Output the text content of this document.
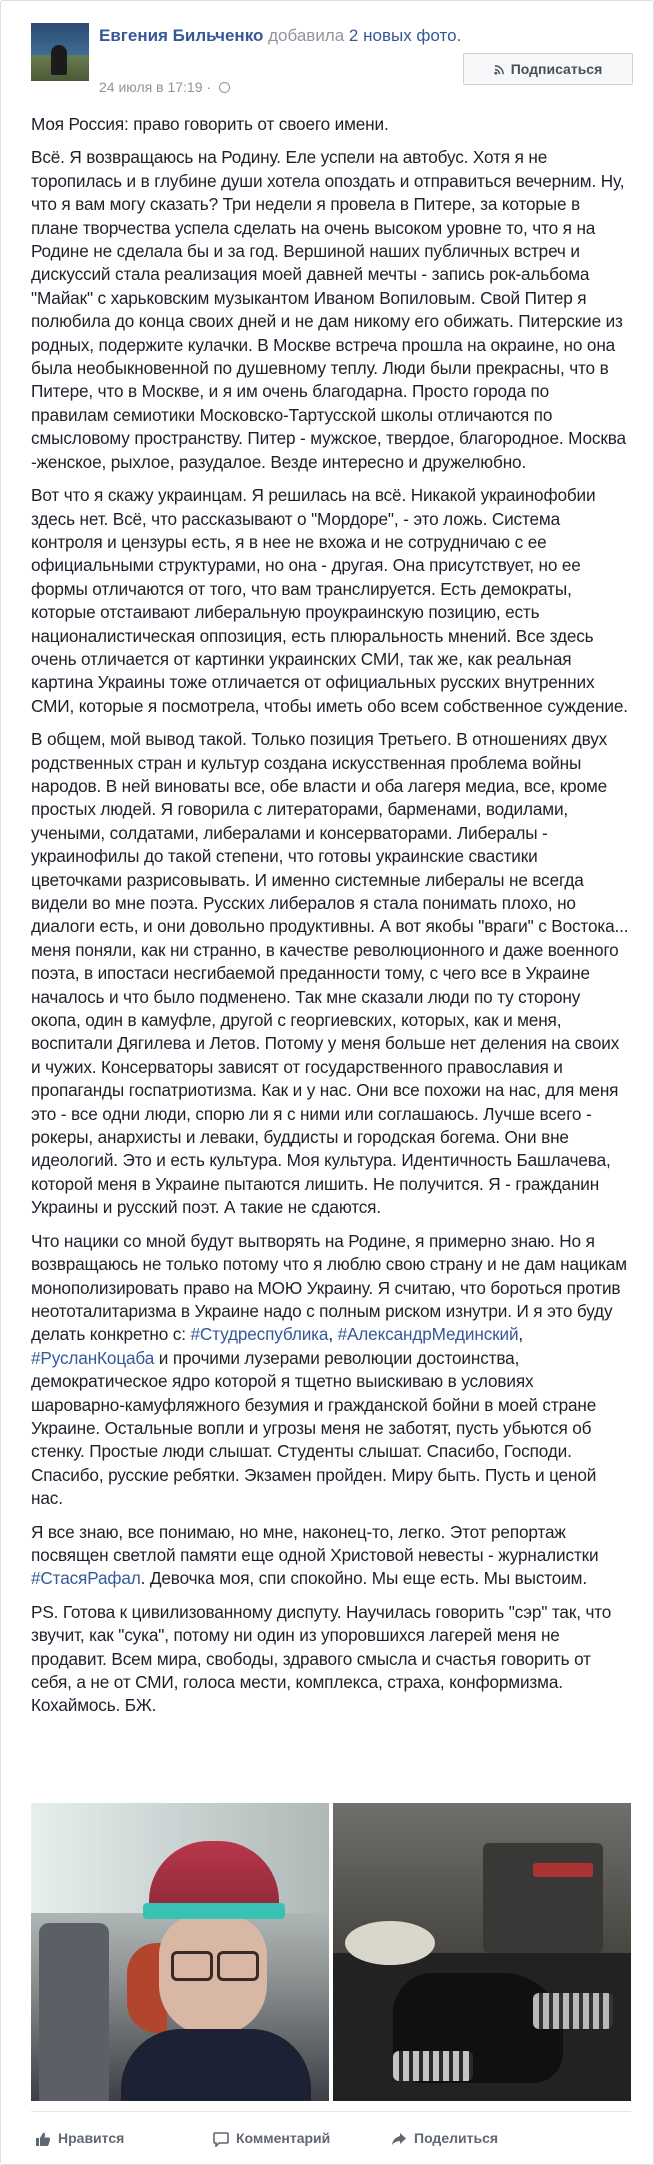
Евгения Бильченко добавила 2 новых фото.
24 июля в 17:19 ·
Подписаться

Моя Россия: право говорить от своего имени.

Всё. Я возвращаюсь на Родину. Еле успели на автобус. Хотя я не торопилась и в глубине души хотела опоздать и отправиться вечерним. Ну, что я вам могу сказать? Три недели я провела в Питере, за которые в плане творчества успела сделать на очень высоком уровне то, что я на Родине не сделала бы и за год. Вершиной наших публичных встреч и дискуссий стала реализация моей давней мечты - запись рок-альбома "Майак" с харьковским музыкантом Иваном Вопиловым. Свой Питер я полюбила до конца своих дней и не дам никому его обижать. Питерские из родных, подержите кулачки. В Москве встреча прошла на окраине, но она была необыкновенной по душевному теплу. Люди были прекрасны, что в Питере, что в Москве, и я им очень благодарна. Просто города по правилам семиотики Московско-Тартусской школы отличаются по смысловому пространству. Питер - мужское, твердое, благородное. Москва -женское, рыхлое, разудалое. Везде интересно и дружелюбно.

Вот что я скажу украинцам. Я решилась на всё. Никакой украинофобии здесь нет. Всё, что рассказывают о "Мордоре", - это ложь. Система контроля и цензуры есть, я в нее не вхожа и не сотрудничаю с ее официальными структурами, но она - другая. Она присутствует, но ее формы отличаются от того, что вам транслируется. Есть демократы, которые отстаивают либеральную проукраинскую позицию, есть националистическая оппозиция, есть плюральность мнений. Все здесь очень отличается от картинки украинских СМИ, так же, как реальная картина Украины тоже отличается от официальных русских внутренних СМИ, которые я посмотрела, чтобы иметь обо всем собственное суждение.

В общем, мой вывод такой. Только позиция Третьего. В отношениях двух родственных стран и культур создана искусственная проблема войны народов. В ней виноваты все, обе власти и оба лагеря медиа, все, кроме простых людей. Я говорила с литераторами, барменами, водилами, учеными, солдатами, либералами и консерваторами. Либералы - украинофилы до такой степени, что готовы украинские свастики цветочками разрисовывать. И именно системные либералы не всегда видели во мне поэта. Русских либералов я стала понимать плохо, но диалоги есть, и они довольно продуктивны. А вот якобы "враги" с Востока... меня поняли, как ни странно, в качестве революционного и даже военного поэта, в ипостаси несгибаемой преданности тому, с чего все в Украине началось и что было подменено. Так мне сказали люди по ту сторону окопа, один в камуфле, другой с георгиевских, которых, как и меня, воспитали Дягилева и Летов. Потому у меня больше нет деления на своих и чужих. Консерваторы зависят от государственного православия и пропаганды госпатриотизма. Как и у нас. Они все похожи на нас, для меня это - все одни люди, спорю ли я с ними или соглашаюсь. Лучше всего - рокеры, анархисты и леваки, буддисты и городская богема. Они вне идеологий. Это и есть культура. Моя культура. Идентичность Башлачева, которой меня в Украине пытаются лишить. Не получится. Я - гражданин Украины и русский поэт. А такие не сдаются.

Что нацики со мной будут вытворять на Родине, я примерно знаю. Но я возвращаюсь не только потому что я люблю свою страну и не дам нацикам монополизировать право на МОЮ Украину. Я считаю, что бороться против неототалитаризма в Украине надо с полным риском изнутри. И я это буду делать конкретно с: #Студреспублика, #АлександрМединский, #РусланКоцаба и прочими лузерами революции достоинства, демократическое ядро которой я тщетно выискиваю в условиях шароварно-камуфляжного безумия и гражданской бойни в моей стране Украине. Остальные вопли и угрозы меня не заботят, пусть убьются об стенку. Простые люди слышат. Студенты слышат. Спасибо, Господи. Спасибо, русские ребятки. Экзамен пройден. Миру быть. Пусть и ценой нас.

Я все знаю, все понимаю, но мне, наконец-то, легко. Этот репортаж посвящен светлой памяти еще одной Христовой невесты - журналистки #СтасяРафал. Девочка моя, спи спокойно. Мы еще есть. Мы выстоим.

PS. Готова к цивилизованному диспуту. Научилась говорить "сэр" так, что звучит, как "сука", потому ни один из упоровшихся лагерей меня не продавит. Всем мира, свободы, здравого смысла и счастья говорить от себя, а не от СМИ, голоса мести, комплекса, страха, конформизма. Кохаймось. БЖ.

Нравится	Комментарий	Поделиться
